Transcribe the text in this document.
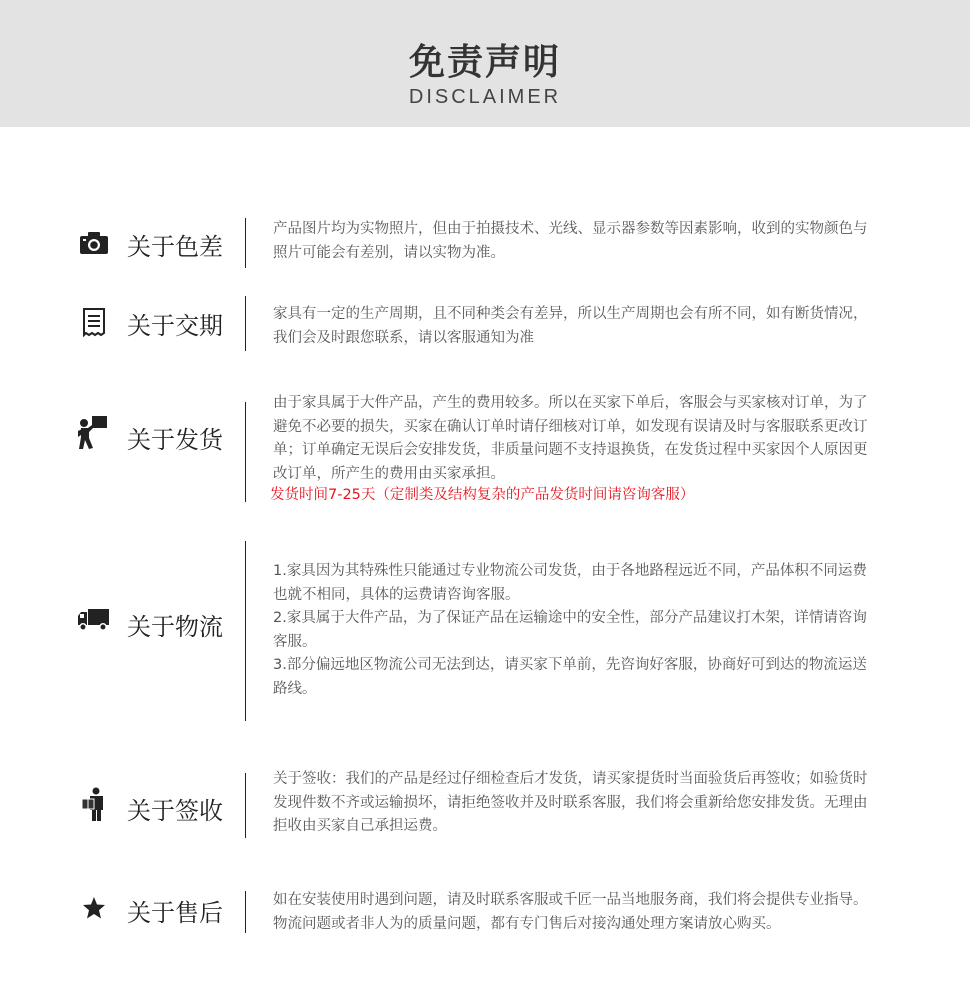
免责声明
DISCLAIMER
关于色差
产品图片均为实物照片，但由于拍摄技术、光线、显示器参数等因素影响，收到的实物颜色与照片可能会有差别，请以实物为准。
关于交期	家具有一定的生产周期，且不同种类会有差异，所以生产周期也会有所不同，如有断货情况，我们会及时跟您联系，请以客服通知为准
关于发货
由于家具属于大件产品，产生的费用较多。所以在买家下单后，客服会与买家核对订单，为了避免不必要的损失，买家在确认订单时请仔细核对订单，如发现有误请及时与客服联系更改订单；订单确定无误后会安排发货，非质量问题不支持退换货，在发货过程中买家因个人原因更改订单，所产生的费用由买家承担。
发货时间7-25天（定制类及结构复杂的产品发货时间请咨询客服）
关于物流

1.家具因为其特殊性只能通过专业物流公司发货，由于各地路程远近不同，产品体积不同运费也就不相同，具体的运费请咨询客服。

2.家具属于大件产品，为了保证产品在运输途中的安全性，部分产品建议打木架，详情请咨询客服。

3.部分偏远地区物流公司无法到达，请买家下单前，先咨询好客服，协商好可到达的物流运送路线。

关于签收
关于签收：我们的产品是经过仔细检查后才发货，请买家提货时当面验货后再签收；如验货时发现件数不齐或运输损坏，请拒绝签收并及时联系客服，我们将会重新给您安排发货。无理由拒收由买家自己承担运费。
关于售后	如在安装使用时遇到问题，请及时联系客服或千匠一品当地服务商，我们将会提供专业指导。物流问题或者非人为的质量问题，都有专门售后对接沟通处理方案请放心购买。
